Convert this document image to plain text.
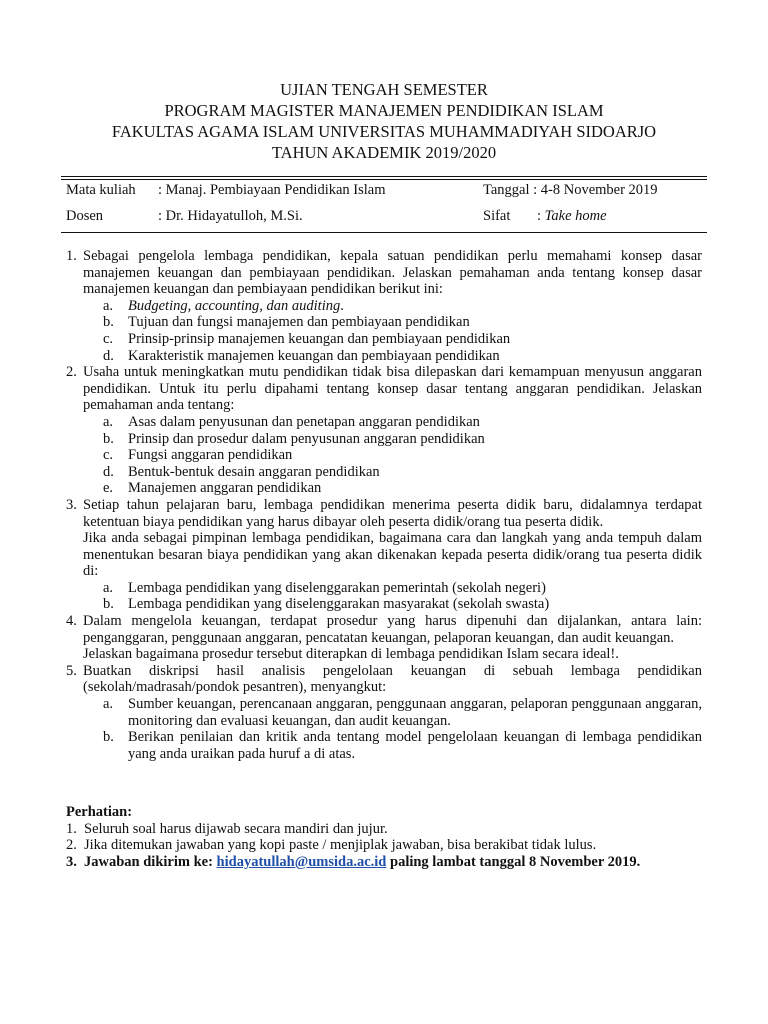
UJIAN TENGAH SEMESTER
PROGRAM MAGISTER MANAJEMEN PENDIDIKAN ISLAM
FAKULTAS AGAMA ISLAM UNIVERSITAS MUHAMMADIYAH SIDOARJO
TAHUN AKADEMIK 2019/2020
Mata kuliah : Manaj. Pembiayaan Pendidikan Islam	Tanggal : 4-8 November 2019
Dosen	: Dr. Hidayatulloh, M.Si.	Sifat : Take home
1. Sebagai pengelola lembaga pendidikan, kepala satuan pendidikan perlu memahami konsep dasar manajemen keuangan dan pembiayaan pendidikan. Jelaskan pemahaman anda tentang konsep dasar manajemen keuangan dan pembiayaan pendidikan berikut ini:

a. Budgeting, accounting, dan auditing.

b. Tujuan dan fungsi manajemen dan pembiayaan pendidikan

c. Prinsip-prinsip manajemen keuangan dan pembiayaan pendidikan

d. Karakteristik manajemen keuangan dan pembiayaan pendidikan

2. Usaha untuk meningkatkan mutu pendidikan tidak bisa dilepaskan dari kemampuan menyusun anggaran pendidikan. Untuk itu perlu dipahami tentang konsep dasar tentang anggaran pendidikan. Jelaskan pemahaman anda tentang:

a. Asas dalam penyusunan dan penetapan anggaran pendidikan

b. Prinsip dan prosedur dalam penyusunan anggaran pendidikan

c. Fungsi anggaran pendidikan

d. Bentuk-bentuk desain anggaran pendidikan

e. Manajemen anggaran pendidikan

3. Setiap tahun pelajaran baru, lembaga pendidikan menerima peserta didik baru, didalamnya terdapat ketentuan biaya pendidikan yang harus dibayar oleh peserta didik/orang tua peserta didik.

Jika anda sebagai pimpinan lembaga pendidikan, bagaimana cara dan langkah yang anda tempuh dalam menentukan besaran biaya pendidikan yang akan dikenakan kepada peserta didik/orang tua peserta didik di:

a. Lembaga pendidikan yang diselenggarakan pemerintah (sekolah negeri)

b. Lembaga pendidikan yang diselenggarakan masyarakat (sekolah swasta)

4. Dalam mengelola keuangan, terdapat prosedur yang harus dipenuhi dan dijalankan, antara lain: penganggaran, penggunaan anggaran, pencatatan keuangan, pelaporan keuangan, dan audit keuangan.

Jelaskan bagaimana prosedur tersebut diterapkan di lembaga pendidikan Islam secara ideal!.

5. Buatkan diskripsi hasil analisis pengelolaan keuangan di sebuah lembaga pendidikan (sekolah/madrasah/pondok pesantren), menyangkut:

a. Sumber keuangan, perencanaan anggaran, penggunaan anggaran, pelaporan penggunaan anggaran, monitoring dan evaluasi keuangan, dan audit keuangan.

b. Berikan penilaian dan kritik anda tentang model pengelolaan keuangan di lembaga pendidikan yang anda uraikan pada huruf a di atas.

Perhatian:
1. Seluruh soal harus dijawab secara mandiri dan jujur.
2. Jika ditemukan jawaban yang kopi paste / menjiplak jawaban, bisa berakibat tidak lulus.
3. Jawaban dikirim ke: hidayatullah@umsida.ac.id paling lambat tanggal 8 November 2019.
